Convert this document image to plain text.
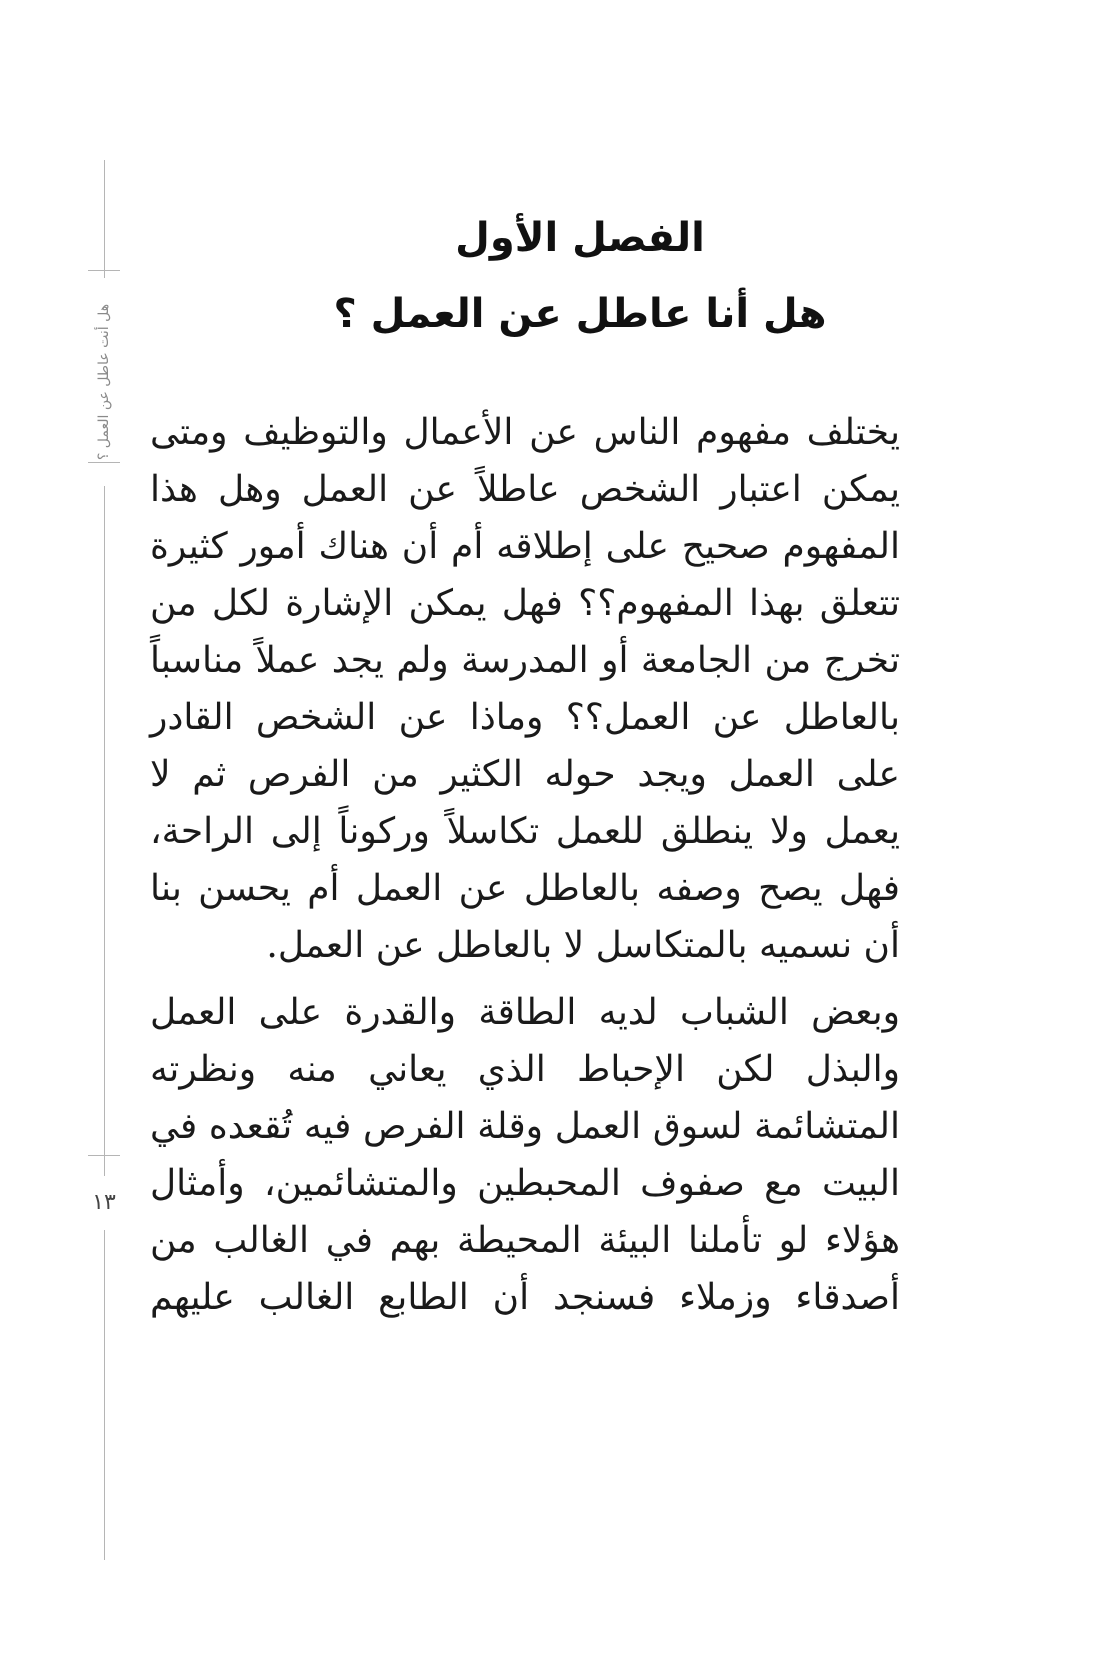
هل أنت عاطل عن العمل ؟
١٣
الفصل الأول
هل أنا عاطل عن العمل ؟

يختلف مفهوم الناس عن الأعمال والتوظيف ومتى يمكن اعتبار الشخص عاطلاً عن العمل وهل هذا المفهوم صحيح على إطلاقه أم أن هناك أمور كثيرة تتعلق بهذا المفهوم؟؟ فهل يمكن الإشارة لكل من تخرج من الجامعة أو المدرسة ولم يجد عملاً مناسباً بالعاطل عن العمل؟؟ وماذا عن الشخص القادر على العمل ويجد حوله الكثير من الفرص ثم لا يعمل ولا ينطلق للعمل تكاسلاً وركوناً إلى الراحة، فهل يصح وصفه بالعاطل عن العمل أم يحسن بنا أن نسميه بالمتكاسل لا بالعاطل عن العمل.

وبعض الشباب لديه الطاقة والقدرة على العمل والبذل لكن الإحباط الذي يعاني منه ونظرته المتشائمة لسوق العمل وقلة الفرص فيه تُقعده في البيت مع صفوف المحبطين والمتشائمين، وأمثال هؤلاء لو تأملنا البيئة المحيطة بهم في الغالب من أصدقاء وزملاء فسنجد أن الطابع الغالب عليهم
